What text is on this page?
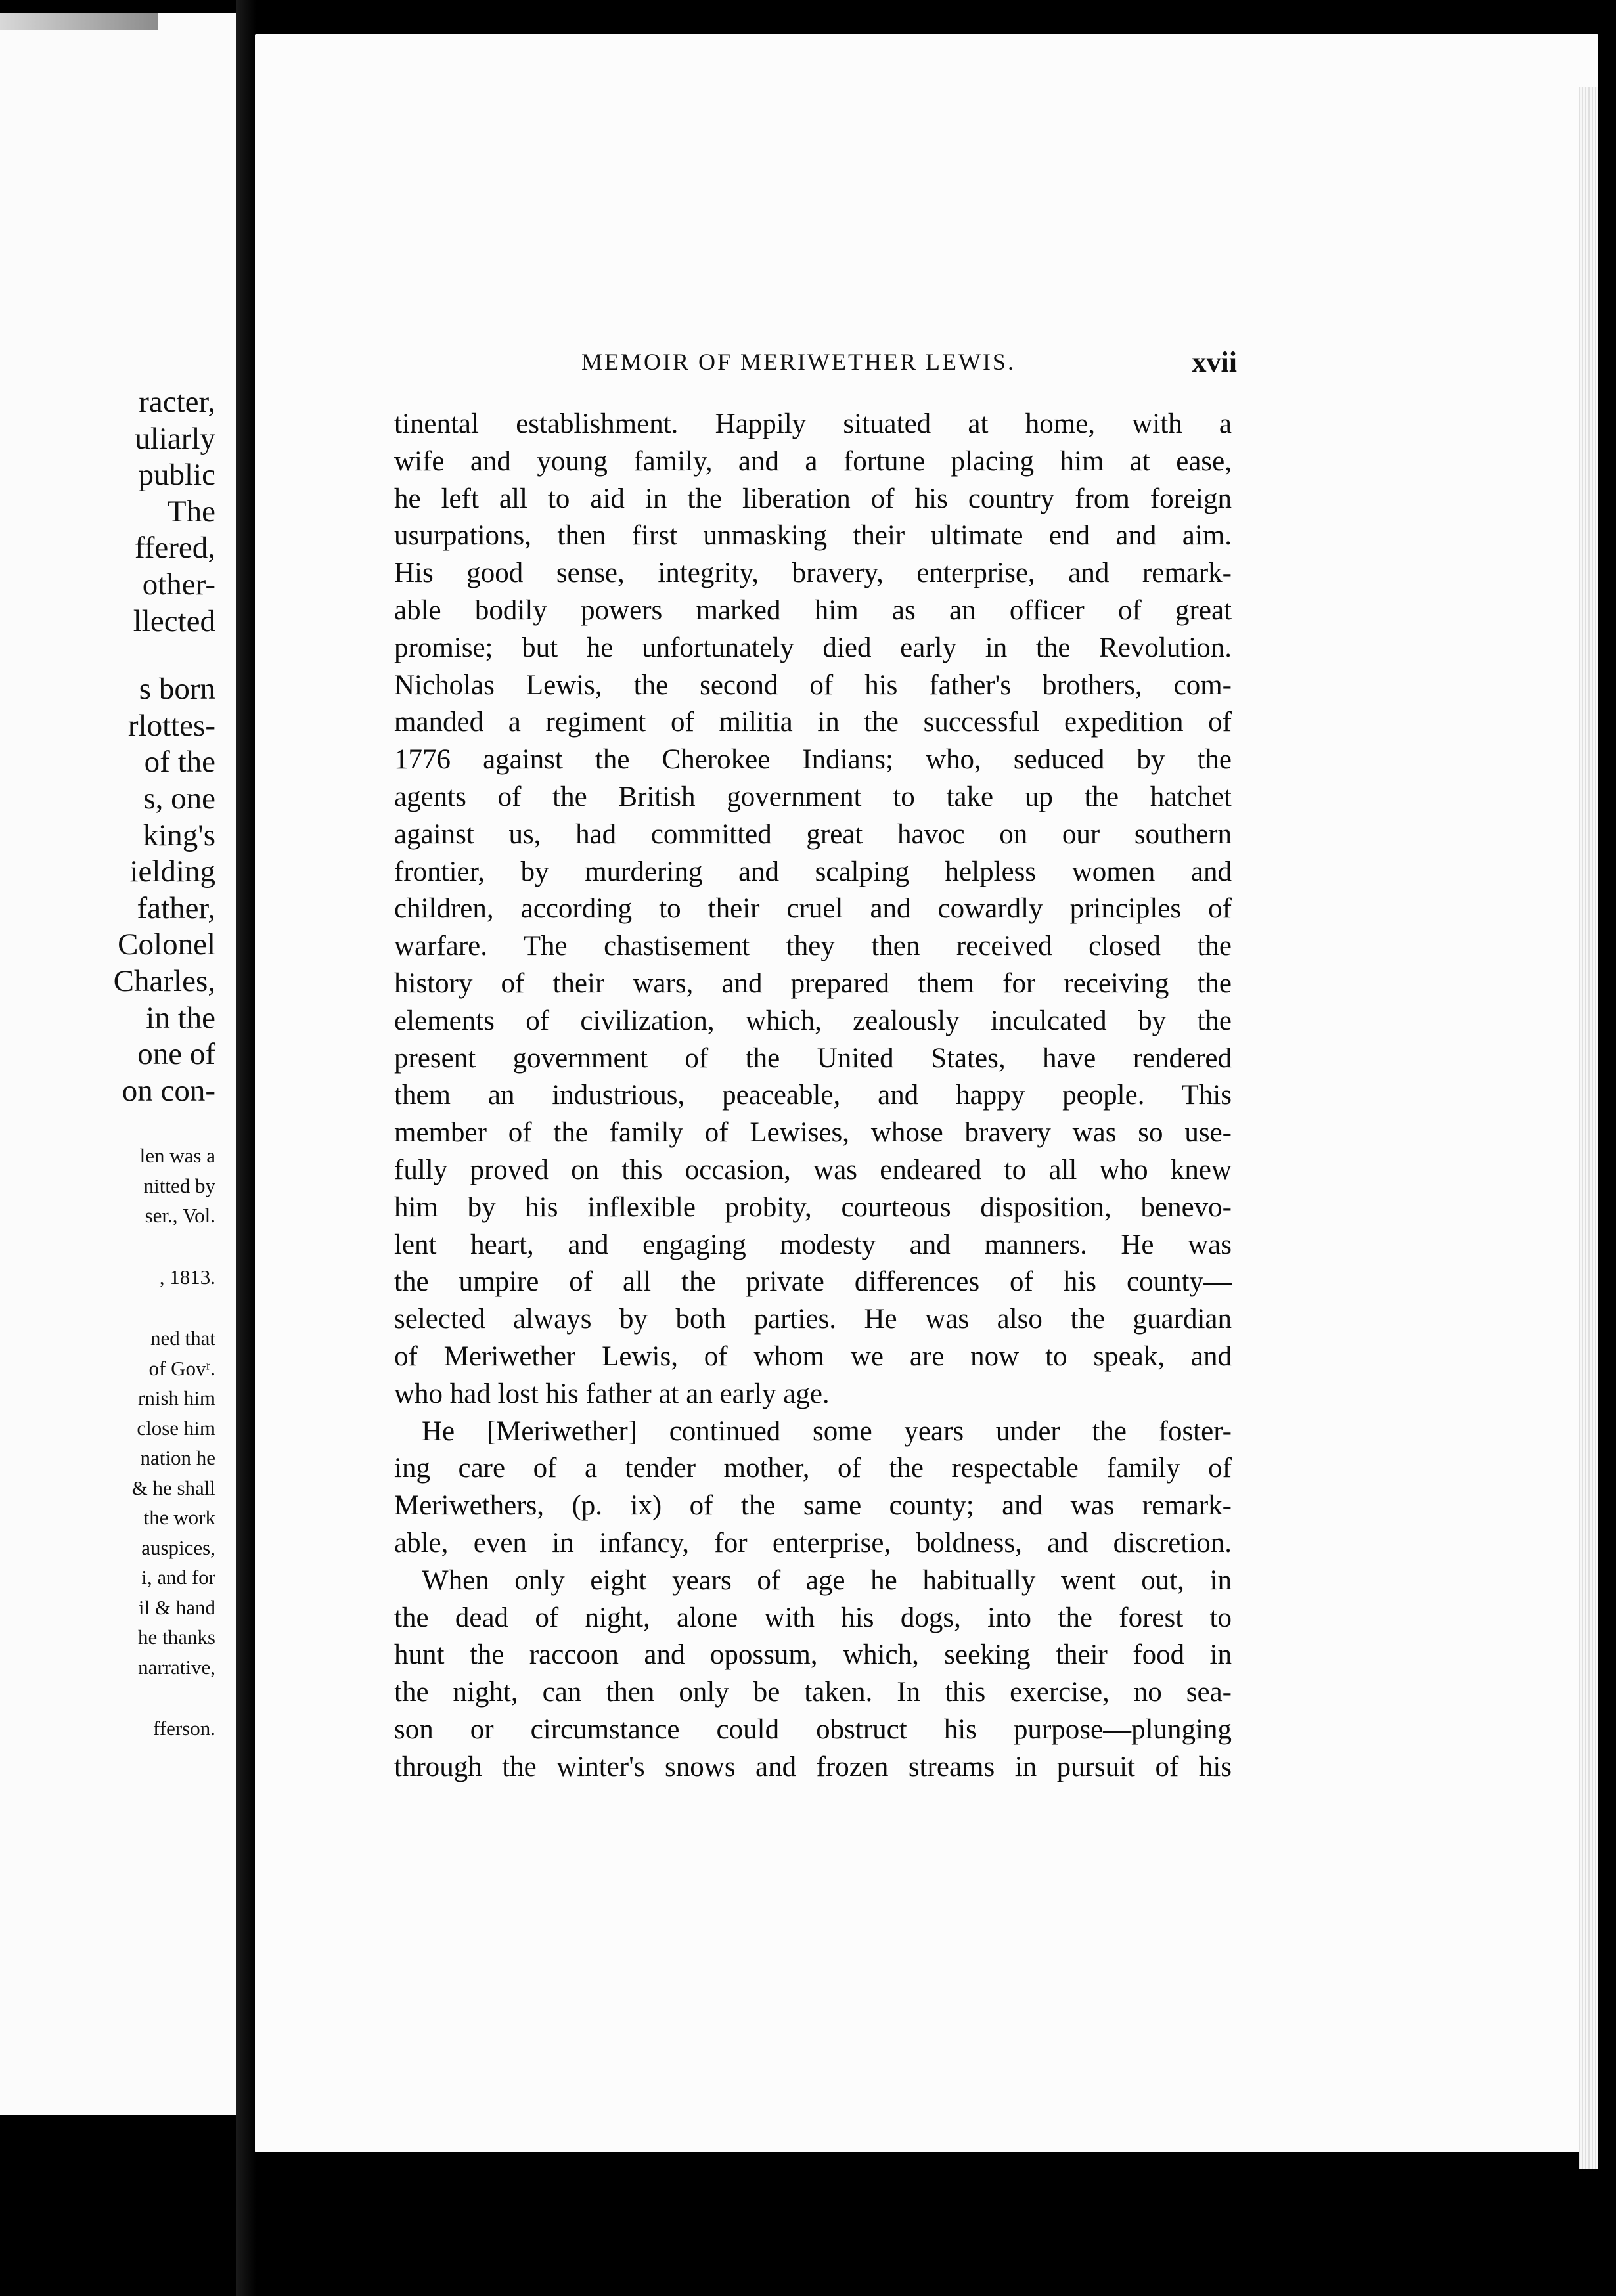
racter,
uliarly
public
The
ffered,
other-
llected
s born
rlottes-
of the
s, one
king's
ielding
father,
Colonel
Charles,
in the
one of
on con-
len was a
nitted by
ser., Vol.
, 1813.
ned that
of Govʳ.
rnish him
close him
nation he
& he shall
the work
auspices,
i, and for
il & hand
he thanks
narrative,
fferson.
MEMOIR OF MERIWETHER LEWIS.	xvii
tinental establishment. Happily situated at home, with a
wife and young family, and a fortune placing him at ease,
he left all to aid in the liberation of his country from foreign
usurpations, then first unmasking their ultimate end and aim.
His good sense, integrity, bravery, enterprise, and remark-
able bodily powers marked him as an officer of great
promise; but he unfortunately died early in the Revolution.
Nicholas Lewis, the second of his father's brothers, com-
manded a regiment of militia in the successful expedition of
1776 against the Cherokee Indians; who, seduced by the
agents of the British government to take up the hatchet
against us, had committed great havoc on our southern
frontier, by murdering and scalping helpless women and
children, according to their cruel and cowardly principles of
warfare. The chastisement they then received closed the
history of their wars, and prepared them for receiving the
elements of civilization, which, zealously inculcated by the
present government of the United States, have rendered
them an industrious, peaceable, and happy people. This
member of the family of Lewises, whose bravery was so use-
fully proved on this occasion, was endeared to all who knew
him by his inflexible probity, courteous disposition, benevo-
lent heart, and engaging modesty and manners. He was
the umpire of all the private differences of his county—
selected always by both parties. He was also the guardian
of Meriwether Lewis, of whom we are now to speak, and
who had lost his father at an early age.
He [Meriwether] continued some years under the foster-
ing care of a tender mother, of the respectable family of
Meriwethers, (p. ix) of the same county; and was remark-
able, even in infancy, for enterprise, boldness, and discretion.
When only eight years of age he habitually went out, in
the dead of night, alone with his dogs, into the forest to
hunt the raccoon and opossum, which, seeking their food in
the night, can then only be taken. In this exercise, no sea-
son or circumstance could obstruct his purpose—plunging
through the winter's snows and frozen streams in pursuit of his
